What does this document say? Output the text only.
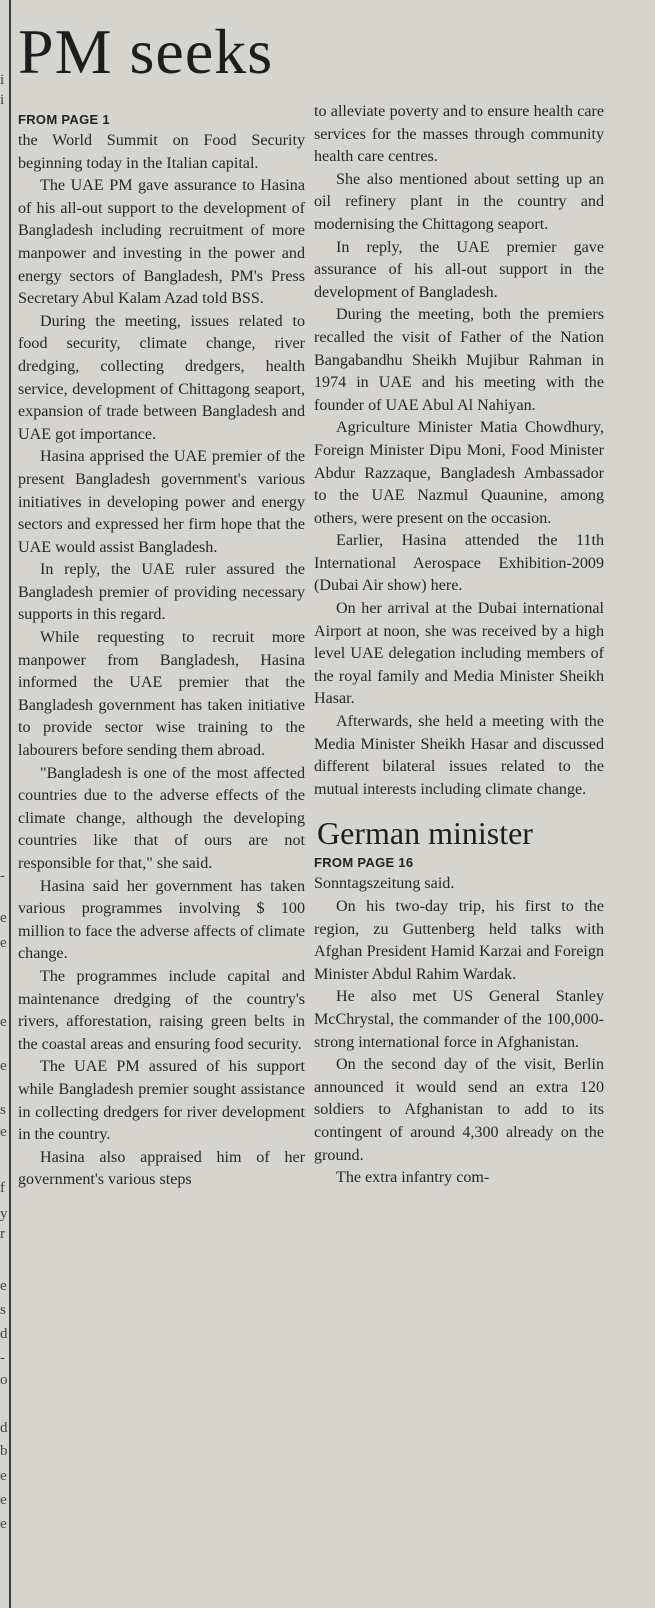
i
i
-
e
e
e
e
s
e
f
y
r
e
s
d
-
o
d
b
e
e
e
PM seeks
FROM PAGE 1

the World Summit on Food Security beginning today in the Italian capital.

The UAE PM gave assurance to Hasina of his all-out support to the development of Bangladesh including recruitment of more manpower and investing in the power and energy sectors of Bangladesh, PM's Press Secretary Abul Kalam Azad told BSS.

During the meeting, issues related to food security, climate change, river dredging, collecting dredgers, health service, development of Chittagong seaport, expansion of trade between Bangladesh and UAE got importance.

Hasina apprised the UAE premier of the present Bangladesh government's various initiatives in developing power and energy sectors and expressed her firm hope that the UAE would assist Bangladesh.

In reply, the UAE ruler assured the Bangladesh premier of providing necessary supports in this regard.

While requesting to recruit more manpower from Bangladesh, Hasina informed the UAE premier that the Bangladesh government has taken initiative to provide sector wise training to the labourers before sending them abroad.

"Bangladesh is one of the most affected countries due to the adverse effects of the climate change, although the developing countries like that of ours are not responsible for that," she said.

Hasina said her government has taken various programmes involving $ 100 million to face the adverse affects of climate change.

The programmes include capital and maintenance dredging of the country's rivers, afforestation, raising green belts in the coastal areas and ensuring food security.

The UAE PM assured of his support while Bangladesh premier sought assistance in collecting dredgers for river development in the country.

Hasina also appraised him of her government's various steps

to alleviate poverty and to ensure health care services for the masses through community health care centres.

She also mentioned about setting up an oil refinery plant in the country and modernising the Chittagong seaport.

In reply, the UAE premier gave assurance of his all-out support in the development of Bangladesh.

During the meeting, both the premiers recalled the visit of Father of the Nation Bangabandhu Sheikh Mujibur Rahman in 1974 in UAE and his meeting with the founder of UAE Abul Al Nahiyan.

Agriculture Minister Matia Chowdhury, Foreign Minister Dipu Moni, Food Minister Abdur Razzaque, Bangladesh Ambassador to the UAE Nazmul Quaunine, among others, were present on the occasion.

Earlier, Hasina attended the 11th International Aerospace Exhibition-2009 (Dubai Air show) here.

On her arrival at the Dubai international Airport at noon, she was received by a high level UAE delegation including members of the royal family and Media Minister Sheikh Hasar.

Afterwards, she held a meeting with the Media Minister Sheikh Hasar and discussed different bilateral issues related to the mutual interests including climate change.

German minister
FROM PAGE 16

Sonntagszeitung said.

On his two-day trip, his first to the region, zu Guttenberg held talks with Afghan President Hamid Karzai and Foreign Minister Abdul Rahim Wardak.

He also met US General Stanley McChrystal, the commander of the 100,000-strong international force in Afghanistan.

On the second day of the visit, Berlin announced it would send an extra 120 soldiers to Afghanistan to add to its contingent of around 4,300 already on the ground.

The extra infantry com-
